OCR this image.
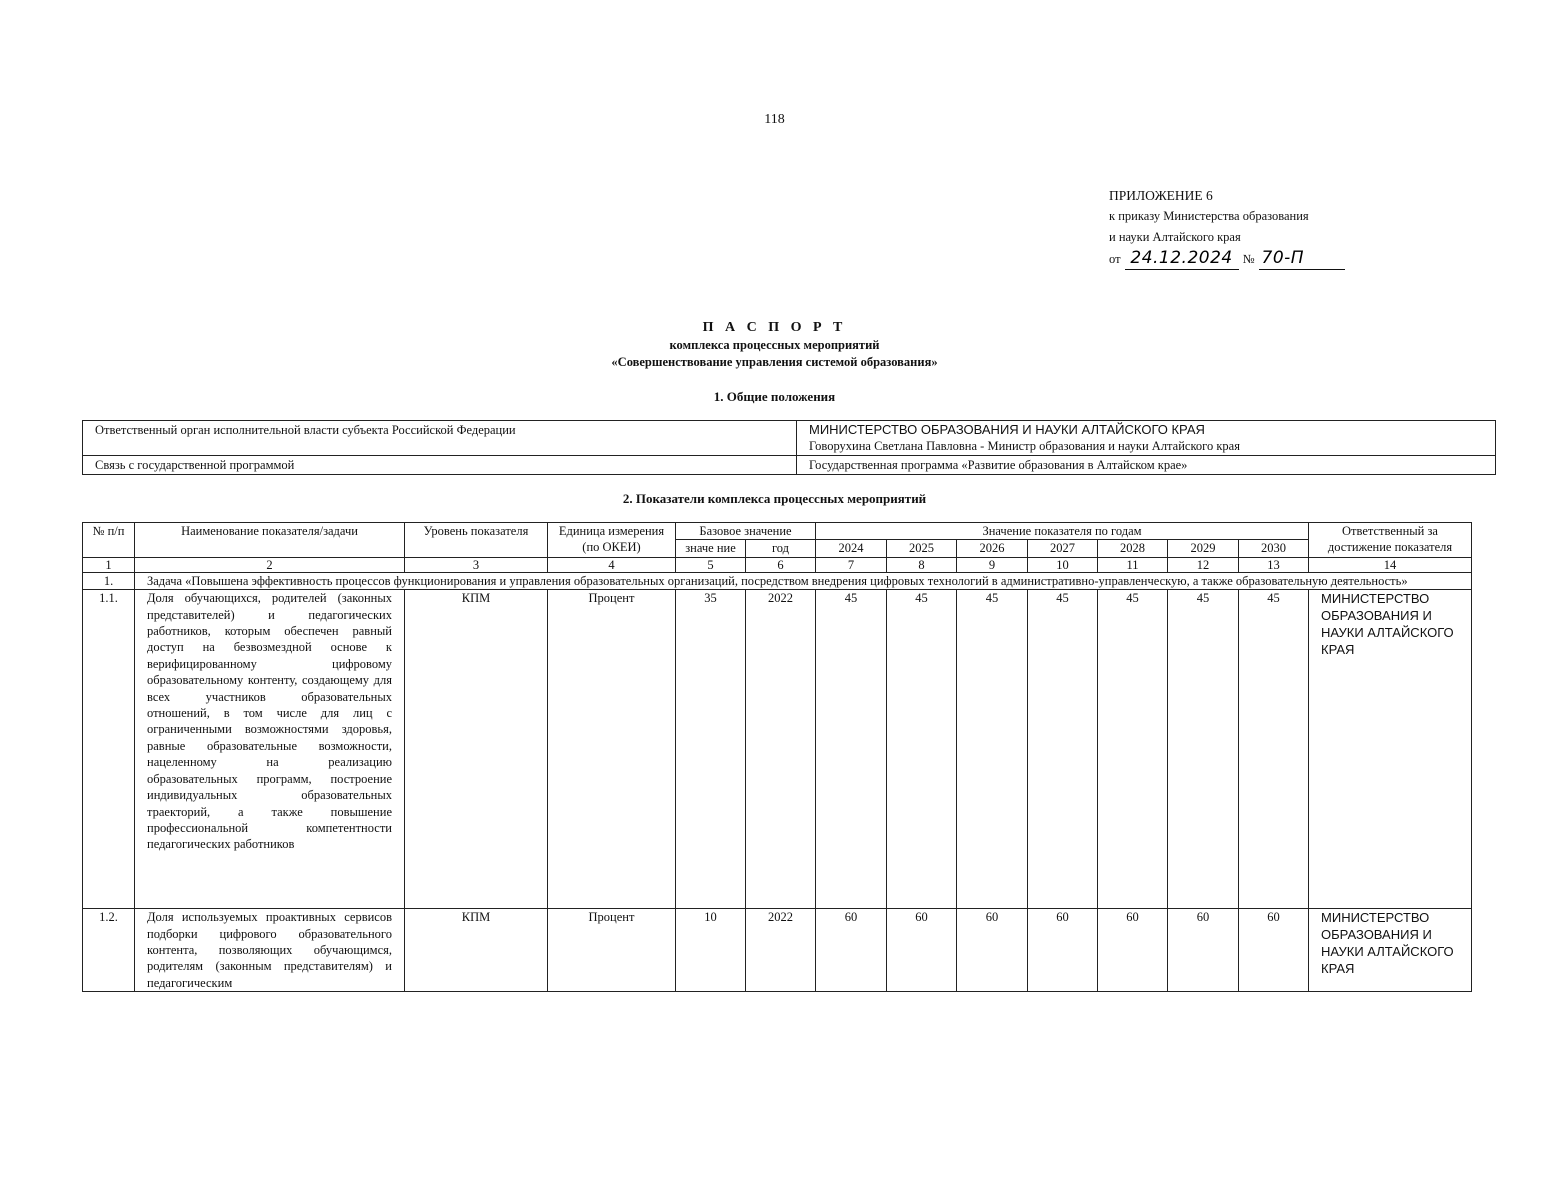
118
ПРИЛОЖЕНИЕ 6
к приказу Министерства образования
и науки Алтайского края
от 24.12.2024 № 70-П
П А С П О Р Т
комплекса процессных мероприятий
«Совершенствование управления системой образования»
1. Общие положения
Ответственный орган исполнительной власти субъекта Российской Федерации	МИНИСТЕРСТВО ОБРАЗОВАНИЯ И НАУКИ АЛТАЙСКОГО КРАЯ
Говорухина Светлана Павловна - Министр образования и науки Алтайского края

Связь с государственной программой	Государственная программа «Развитие образования в Алтайском крае»
2. Показатели комплекса процессных мероприятий
№ п/п	Наименование показателя/задачи	Уровень показателя	Единица измерения (по ОКЕИ)	Базовое значение		Значение показателя по годам							Ответственный за достижение показателя
				значе ние	год	2024	2025	2026	2027	2028	2029	2030	
1	2	3	4	5	6	7	8	9	10	11	12	13	14
1.	Задача «Повышена эффективность процессов функционирования и управления образовательных организаций, посредством внедрения цифровых технологий в административно-управленческую, а также образовательную деятельность»												
1.1.	Доля обучающихся, родителей (законных представителей) и педагогических работников, которым обеспечен равный доступ на безвозмездной основе к верифицированному цифровому образовательному контенту, создающему для всех участников образовательных отношений, в том числе для лиц с ограниченными возможностями здоровья, равные образовательные возможности, нацеленному на реализацию образовательных программ, построение индивидуальных образовательных траекторий, а также повышение профессиональной компетентности педагогических работников	КПМ	Процент	35	2022	45	45	45	45	45	45	45	МИНИСТЕРСТВО ОБРАЗОВАНИЯ И НАУКИ АЛТАЙСКОГО КРАЯ
1.2.	Доля используемых проактивных сервисов подборки цифрового образовательного контента, позволяющих обучающимся, родителям (законным представителям) и педагогическим	КПМ	Процент	10	2022	60	60	60	60	60	60	60	МИНИСТЕРСТВО ОБРАЗОВАНИЯ И НАУКИ АЛТАЙСКОГО КРАЯ
